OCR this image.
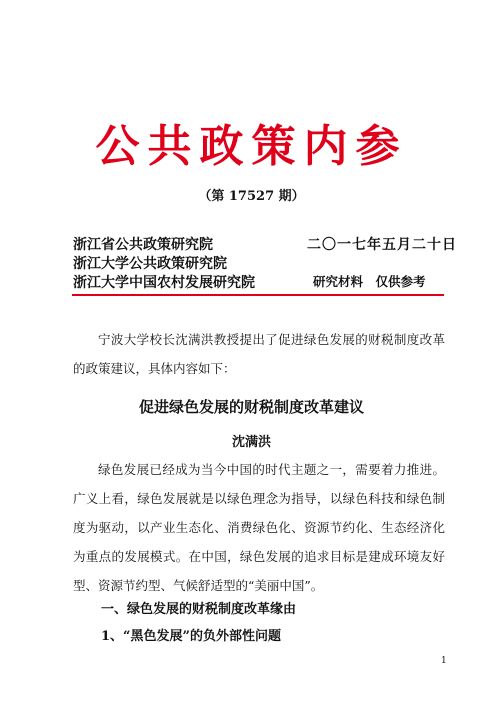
公共政策内参
（第 17527 期）
浙江省公共政策研究院
浙江大学公共政策研究院
浙江大学中国农村发展研究院
二〇一七年五月二十日
研究材料　仅供参考

宁波大学校长沈满洪教授提出了促进绿色发展的财税制度改革的政策建议，具体内容如下：

促进绿色发展的财税制度改革建议
沈满洪

绿色发展已经成为当今中国的时代主题之一，需要着力推进。广义上看，绿色发展就是以绿色理念为指导，以绿色科技和绿色制度为驱动，以产业生态化、消费绿色化、资源节约化、生态经济化为重点的发展模式。在中国，绿色发展的追求目标是建成环境友好型、资源节约型、气候舒适型的“美丽中国”。

一、绿色发展的财税制度改革缘由
1、“黑色发展”的负外部性问题
1
